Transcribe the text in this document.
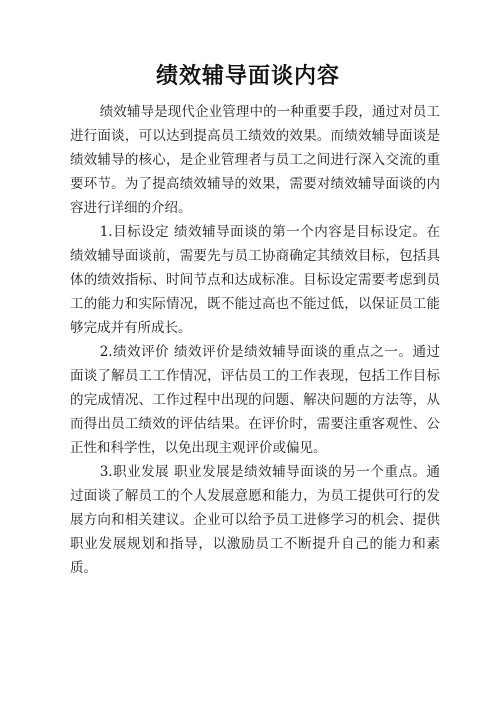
绩效辅导面谈内容

绩效辅导是现代企业管理中的一种重要手段，通过对员工进行面谈，可以达到提高员工绩效的效果。而绩效辅导面谈是绩效辅导的核心，是企业管理者与员工之间进行深入交流的重要环节。为了提高绩效辅导的效果，需要对绩效辅导面谈的内容进行详细的介绍。

1.目标设定 绩效辅导面谈的第一个内容是目标设定。在绩效辅导面谈前，需要先与员工协商确定其绩效目标，包括具体的绩效指标、时间节点和达成标准。目标设定需要考虑到员工的能力和实际情况，既不能过高也不能过低，以保证员工能够完成并有所成长。

2.绩效评价 绩效评价是绩效辅导面谈的重点之一。通过面谈了解员工工作情况，评估员工的工作表现，包括工作目标的完成情况、工作过程中出现的问题、解决问题的方法等，从而得出员工绩效的评估结果。在评价时，需要注重客观性、公正性和科学性，以免出现主观评价或偏见。

3.职业发展 职业发展是绩效辅导面谈的另一个重点。通过面谈了解员工的个人发展意愿和能力，为员工提供可行的发展方向和相关建议。企业可以给予员工进修学习的机会、提供职业发展规划和指导，以激励员工不断提升自己的能力和素质。
